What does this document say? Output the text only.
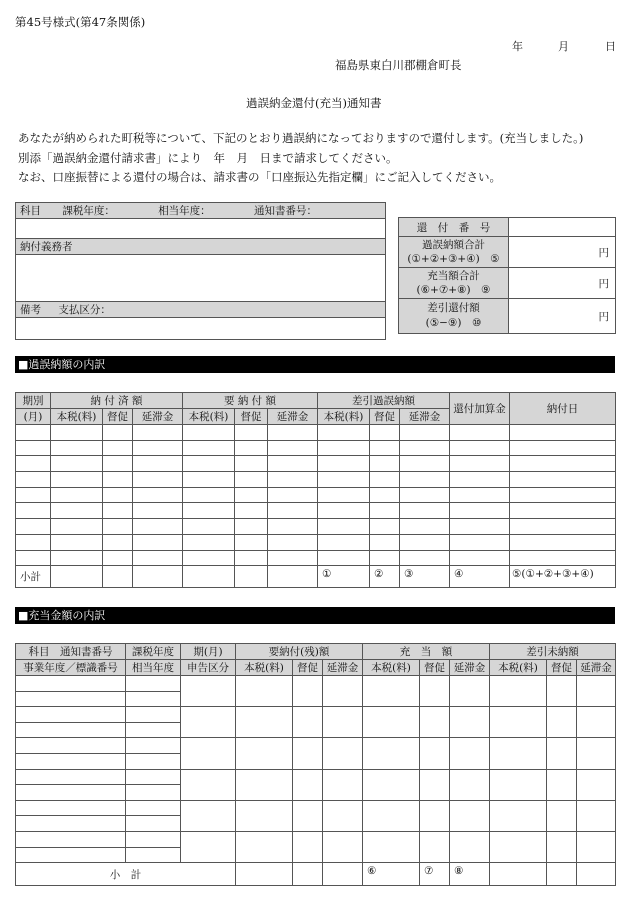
第45号様式(第47条関係)
年	月	日
福島県東白川郡棚倉町長
過誤納金還付(充当)通知書
あなたが納められた町税等について、下記のとおり過誤納になっておりますので還付します。(充当しました。)
別添「過誤納金還付請求書」により　年　月　日まで請求してください。
なお、口座振替による還付の場合は、請求書の「口座振込先指定欄」にご記入してください。
科目 課税年度：	相当年度：	通知書番号：

納付義務者

備考 支払区分：

還　付　番　号	

過誤納額合計
(①+②+③+④)　⑤	円

充当額合計
(⑥+⑦+⑧)　⑨	円

差引還付額
(⑤−⑨)　⑩	円
■過誤納額の内訳
期別	納 付 済 額			要 納 付 額			差引過誤納額			還付加算金	納付日
(月)	本税(料)	督促	延滞金	本税(料)	督促	延滞金	本税(料)	督促	延滞金		

小計							①	②	③	④	⑤(①+②+③+④)
■充当金額の内訳
科目　通知書番号	課税年度	期(月)	要納付(残)額			充　当　額			差引未納額		
事業年度／標識番号	相当年度	申告区分	本税(料)	督促	延滞金	本税(料)	督促	延滞金	本税(料)	督促	延滞金

小　計						⑥	⑦	⑧			
